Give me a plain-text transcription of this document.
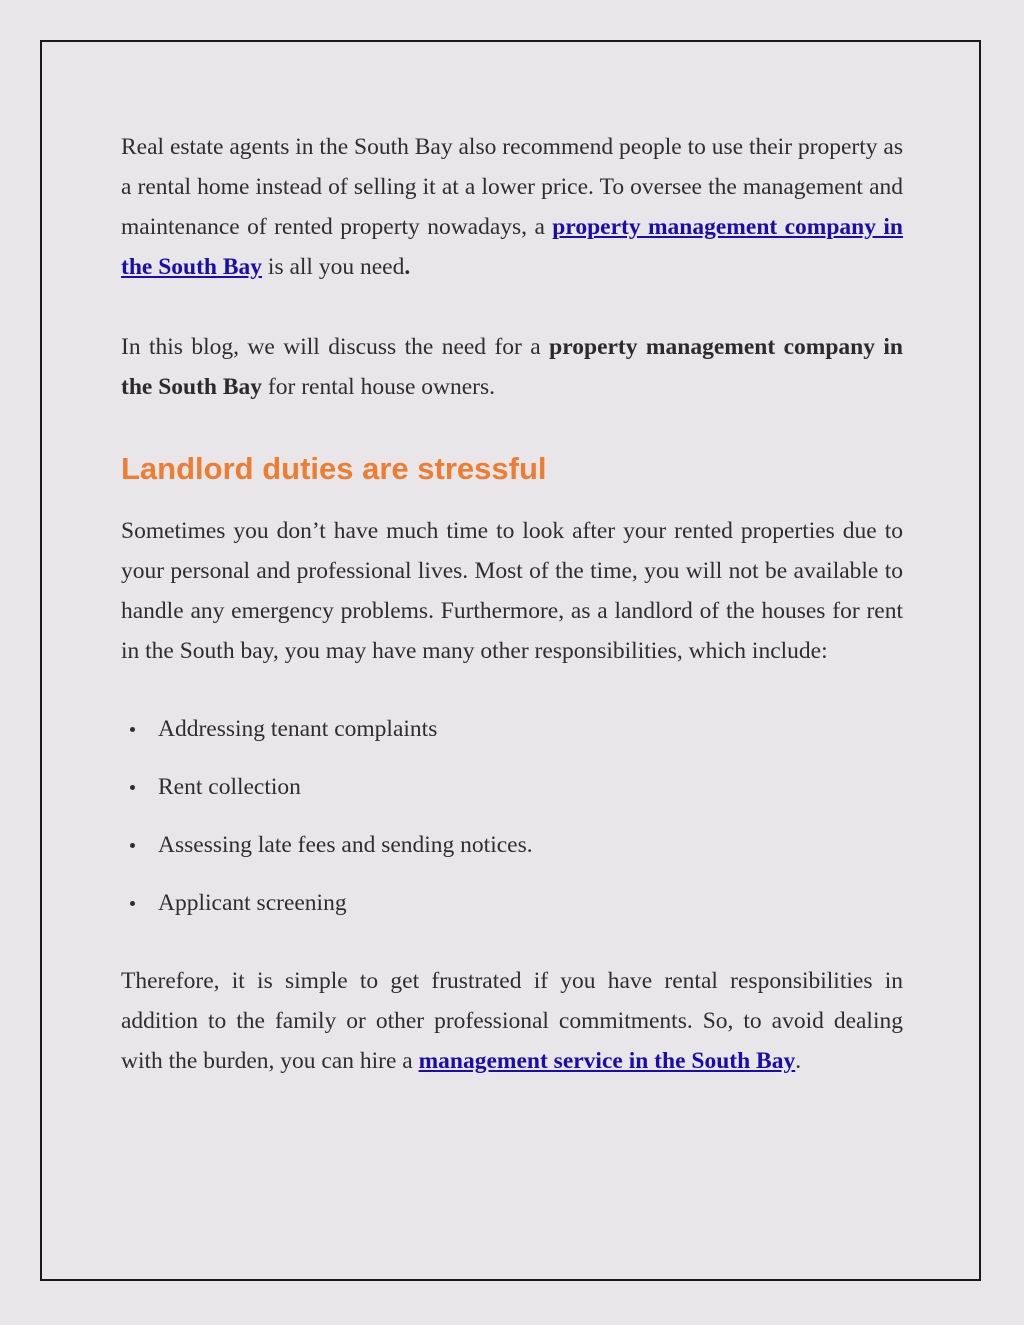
Real estate agents in the South Bay also recommend people to use their property as a rental home instead of selling it at a lower price. To oversee the management and maintenance of rented property nowadays, a property management company in the South Bay is all you need.

In this blog, we will discuss the need for a property management company in the South Bay for rental house owners.

Landlord duties are stressful

Sometimes you don’t have much time to look after your rented properties due to your personal and professional lives. Most of the time, you will not be available to handle any emergency problems. Furthermore, as a landlord of the houses for rent in the South bay, you may have many other responsibilities, which include:

Addressing tenant complaints
Rent collection
Assessing late fees and sending notices.
Applicant screening

Therefore, it is simple to get frustrated if you have rental responsibilities in addition to the family or other professional commitments. So, to avoid dealing with the burden, you can hire a management service in the South Bay.
